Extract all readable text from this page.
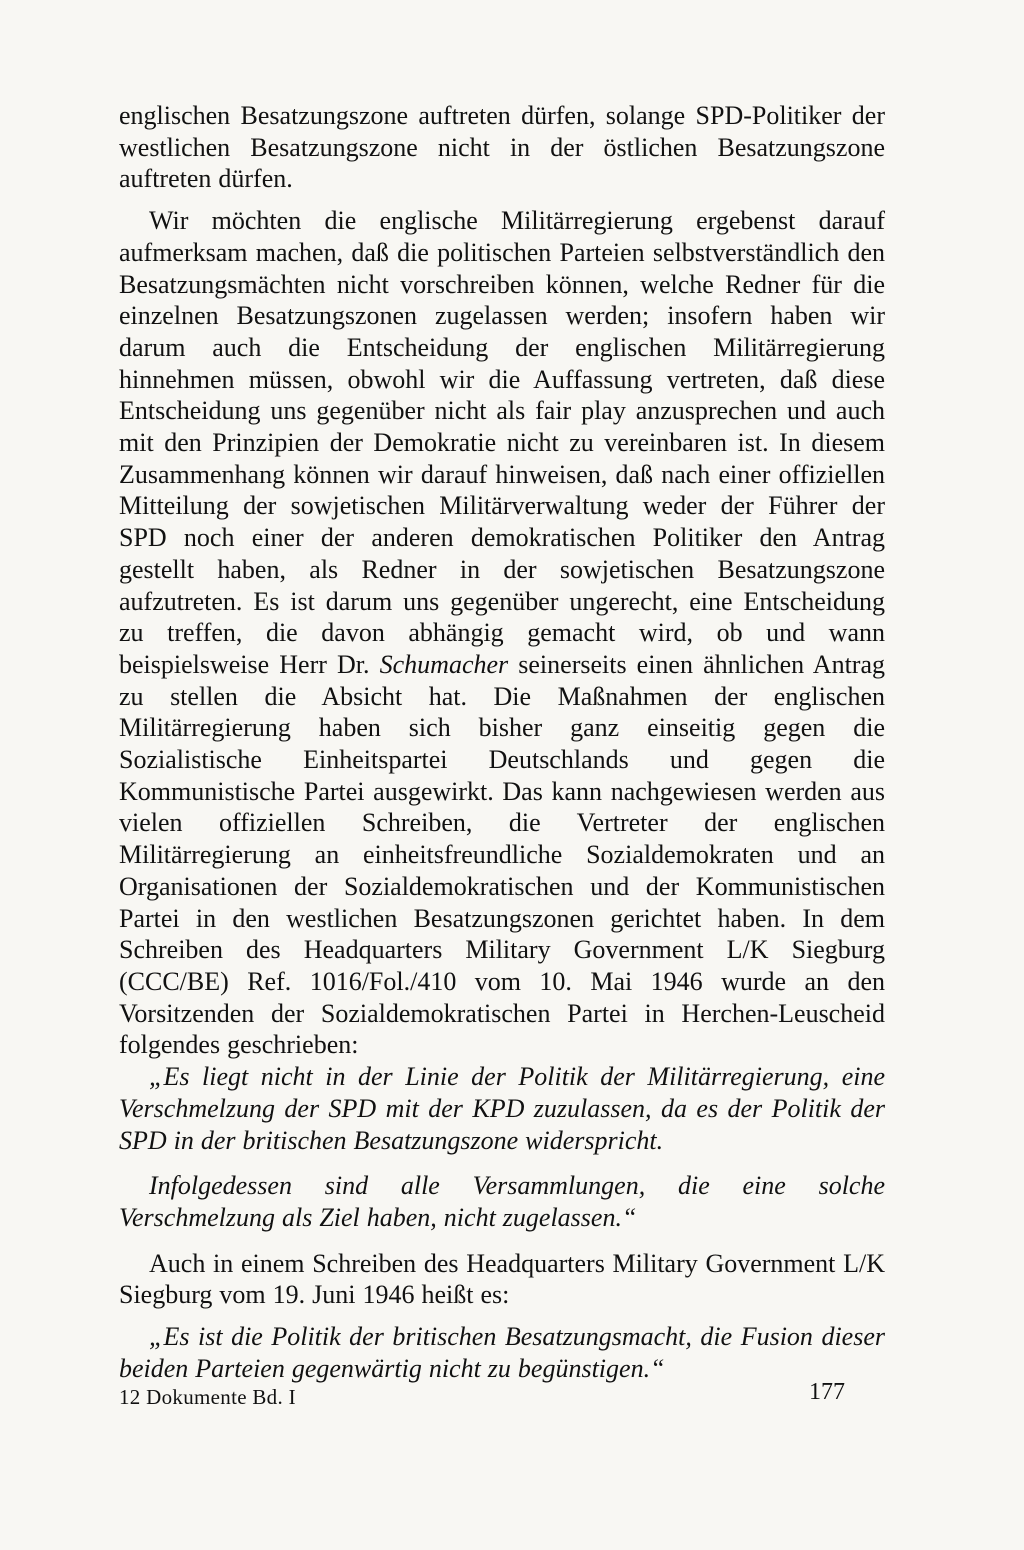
englischen Besatzungszone auftreten dürfen, solange SPD-Politiker der westlichen Besatzungszone nicht in der östlichen Besatzungszone auftreten dürfen.

Wir möchten die englische Militärregierung ergebenst darauf aufmerksam machen, daß die politischen Parteien selbstverständlich den Besatzungsmächten nicht vorschreiben können, welche Redner für die einzelnen Besatzungszonen zugelassen werden; insofern haben wir darum auch die Entscheidung der englischen Militärregierung hinnehmen müssen, obwohl wir die Auffassung vertreten, daß diese Entscheidung uns gegenüber nicht als fair play anzusprechen und auch mit den Prinzipien der Demokratie nicht zu vereinbaren ist. In diesem Zusammenhang können wir darauf hinweisen, daß nach einer offiziellen Mitteilung der sowjetischen Militärverwaltung weder der Führer der SPD noch einer der anderen demokratischen Politiker den Antrag gestellt haben, als Redner in der sowjetischen Besatzungszone aufzutreten. Es ist darum uns gegenüber ungerecht, eine Entscheidung zu treffen, die davon abhängig gemacht wird, ob und wann beispielsweise Herr Dr. Schumacher seinerseits einen ähnlichen Antrag zu stellen die Absicht hat. Die Maßnahmen der englischen Militärregierung haben sich bisher ganz einseitig gegen die Sozialistische Einheitspartei Deutschlands und gegen die Kommunistische Partei ausgewirkt. Das kann nachgewiesen werden aus vielen offiziellen Schreiben, die Vertreter der englischen Militärregierung an einheitsfreundliche Sozialdemokraten und an Organisationen der Sozialdemokratischen und der Kommunistischen Partei in den westlichen Besatzungszonen gerichtet haben. In dem Schreiben des Headquarters Military Government L/K Siegburg (CCC/BE) Ref. 1016/Fol./410 vom 10. Mai 1946 wurde an den Vorsitzenden der Sozialdemokratischen Partei in Herchen-Leuscheid folgendes geschrieben:

„Es liegt nicht in der Linie der Politik der Militärregierung, eine Verschmelzung der SPD mit der KPD zuzulassen, da es der Politik der SPD in der britischen Besatzungszone widerspricht.

Infolgedessen sind alle Versammlungen, die eine solche Verschmelzung als Ziel haben, nicht zugelassen.“

Auch in einem Schreiben des Headquarters Military Government L/K Siegburg vom 19. Juni 1946 heißt es:

„Es ist die Politik der britischen Besatzungsmacht, die Fusion dieser beiden Parteien gegenwärtig nicht zu begünstigen.“

12 Dokumente Bd. I	177
